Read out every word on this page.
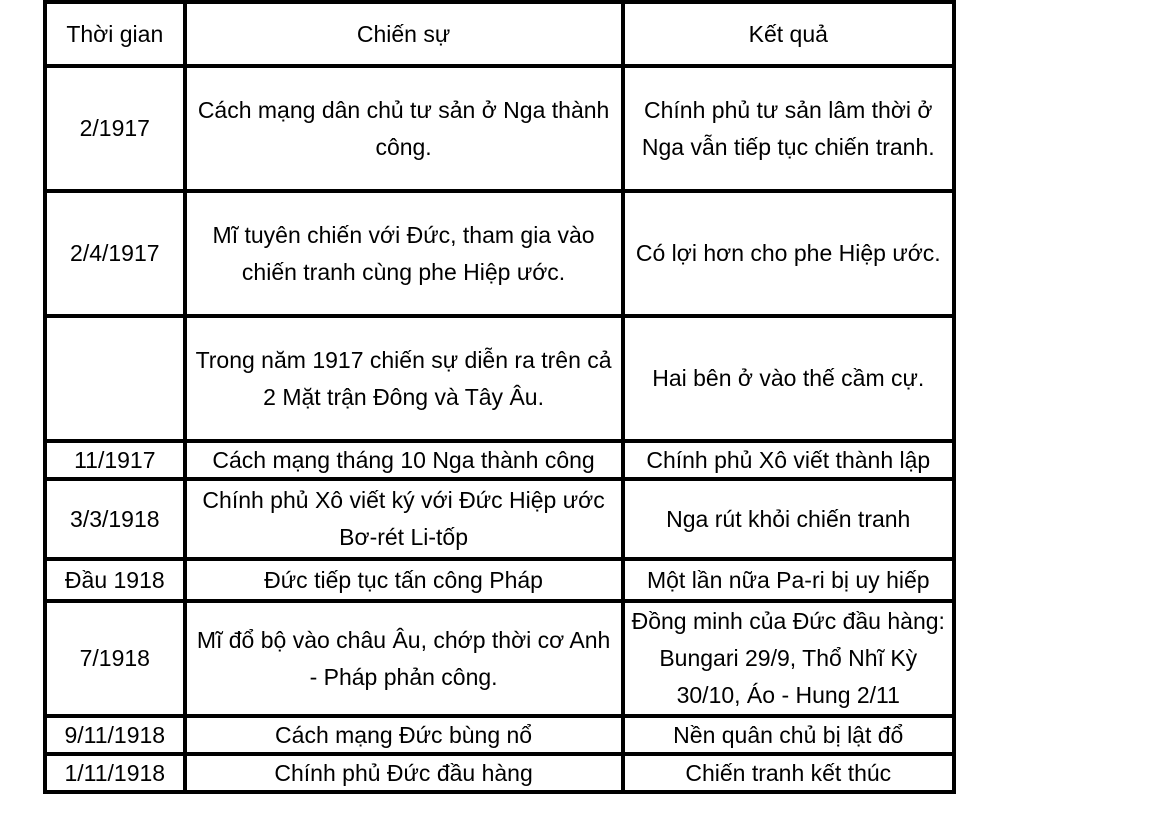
Thời gian	Chiến sự	Kết quả
2/1917	Cách mạng dân chủ tư sản ở Nga thành công.	Chính phủ tư sản lâm thời ở Nga vẫn tiếp tục chiến tranh.
2/4/1917	Mĩ tuyên chiến với Đức, tham gia vào chiến tranh cùng phe Hiệp ước.	Có lợi hơn cho phe Hiệp ước.
	Trong năm 1917 chiến sự diễn ra trên cả 2 Mặt trận Đông và Tây Âu.	Hai bên ở vào thế cầm cự.
11/1917	Cách mạng tháng 10 Nga thành công	Chính phủ Xô viết thành lập
3/3/1918	Chính phủ Xô viết ký với Đức Hiệp ước Bơ-rét Li-tốp	Nga rút khỏi chiến tranh
Đầu 1918	Đức tiếp tục tấn công Pháp	Một lần nữa Pa-ri bị uy hiếp
7/1918	Mĩ đổ bộ vào châu Âu, chớp thời cơ Anh - Pháp phản công.	Đồng minh của Đức đầu hàng: Bungari 29/9, Thổ Nhĩ Kỳ 30/10, Áo - Hung 2/11
9/11/1918	Cách mạng Đức bùng nổ	Nền quân chủ bị lật đổ
1/11/1918	Chính phủ Đức đầu hàng	Chiến tranh kết thúc
